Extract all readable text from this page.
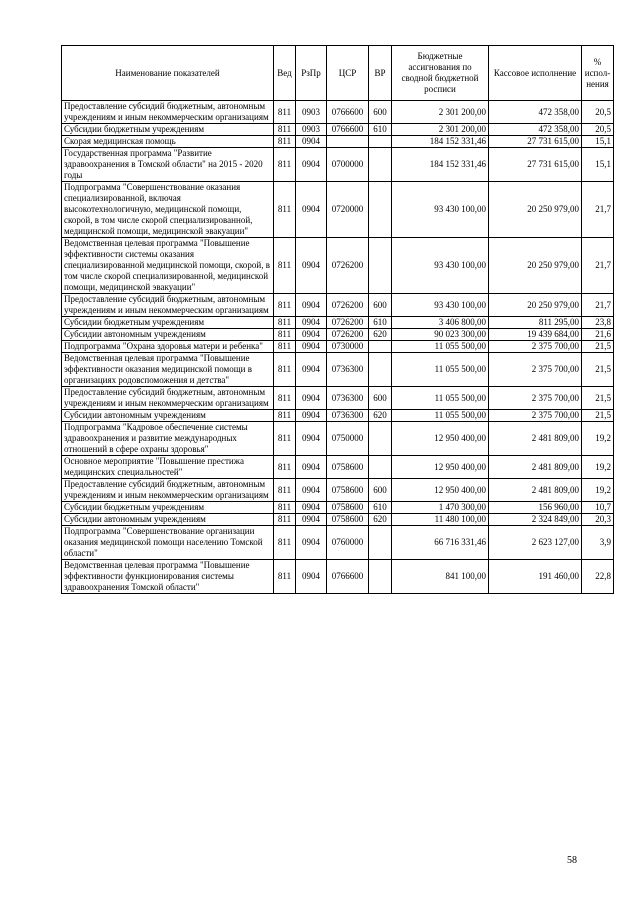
Наименование показателей	Вед	РзПр	ЦСР	ВР	Бюджетные ассигнования по сводной бюджетной росписи	Кассовое исполнение	% испол-нения
Предоставление субсидий бюджетным, автономным учреждениям и иным некоммерческим организациям	811	0903	0766600	600	2 301 200,00	472 358,00	20,5
Субсидии бюджетным учреждениям	811	0903	0766600	610	2 301 200,00	472 358,00	20,5
Скорая медицинская помощь	811	0904			184 152 331,46	27 731 615,00	15,1
Государственная программа "Развитие здравоохранения в Томской области" на 2015 - 2020 годы	811	0904	0700000		184 152 331,46	27 731 615,00	15,1
Подпрограмма "Совершенствование оказания специализированной, включая высокотехнологичную, медицинской помощи, скорой, в том числе скорой специализированной, медицинской помощи, медицинской эвакуации"	811	0904	0720000		93 430 100,00	20 250 979,00	21,7
Ведомственная целевая программа "Повышение эффективности системы оказания специализированной медицинской помощи, скорой, в том числе скорой специализированной, медицинской помощи, медицинской эвакуации"	811	0904	0726200		93 430 100,00	20 250 979,00	21,7
Предоставление субсидий бюджетным, автономным учреждениям и иным некоммерческим организациям	811	0904	0726200	600	93 430 100,00	20 250 979,00	21,7
Субсидии бюджетным учреждениям	811	0904	0726200	610	3 406 800,00	811 295,00	23,8
Субсидии автономным учреждениям	811	0904	0726200	620	90 023 300,00	19 439 684,00	21,6
Подпрограмма "Охрана здоровья матери и ребенка"	811	0904	0730000		11 055 500,00	2 375 700,00	21,5
Ведомственная целевая программа "Повышение эффективности оказания медицинской помощи в организациях родовспоможения и детства"	811	0904	0736300		11 055 500,00	2 375 700,00	21,5
Предоставление субсидий бюджетным, автономным учреждениям и иным некоммерческим организациям	811	0904	0736300	600	11 055 500,00	2 375 700,00	21,5
Субсидии автономным учреждениям	811	0904	0736300	620	11 055 500,00	2 375 700,00	21,5
Подпрограмма "Кадровое обеспечение системы здравоохранения и развитие международных отношений в сфере охраны здоровья"	811	0904	0750000		12 950 400,00	2 481 809,00	19,2
Основное мероприятие "Повышение престижа медицинских специальностей"	811	0904	0758600		12 950 400,00	2 481 809,00	19,2
Предоставление субсидий бюджетным, автономным учреждениям и иным некоммерческим организациям	811	0904	0758600	600	12 950 400,00	2 481 809,00	19,2
Субсидии бюджетным учреждениям	811	0904	0758600	610	1 470 300,00	156 960,00	10,7
Субсидии автономным учреждениям	811	0904	0758600	620	11 480 100,00	2 324 849,00	20,3
Подпрограмма "Совершенствование организации оказания медицинской помощи населению Томской области"	811	0904	0760000		66 716 331,46	2 623 127,00	3,9
Ведомственная целевая программа "Повышение эффективности функционирования системы здравоохранения Томской области"	811	0904	0766600		841 100,00	191 460,00	22,8
58
